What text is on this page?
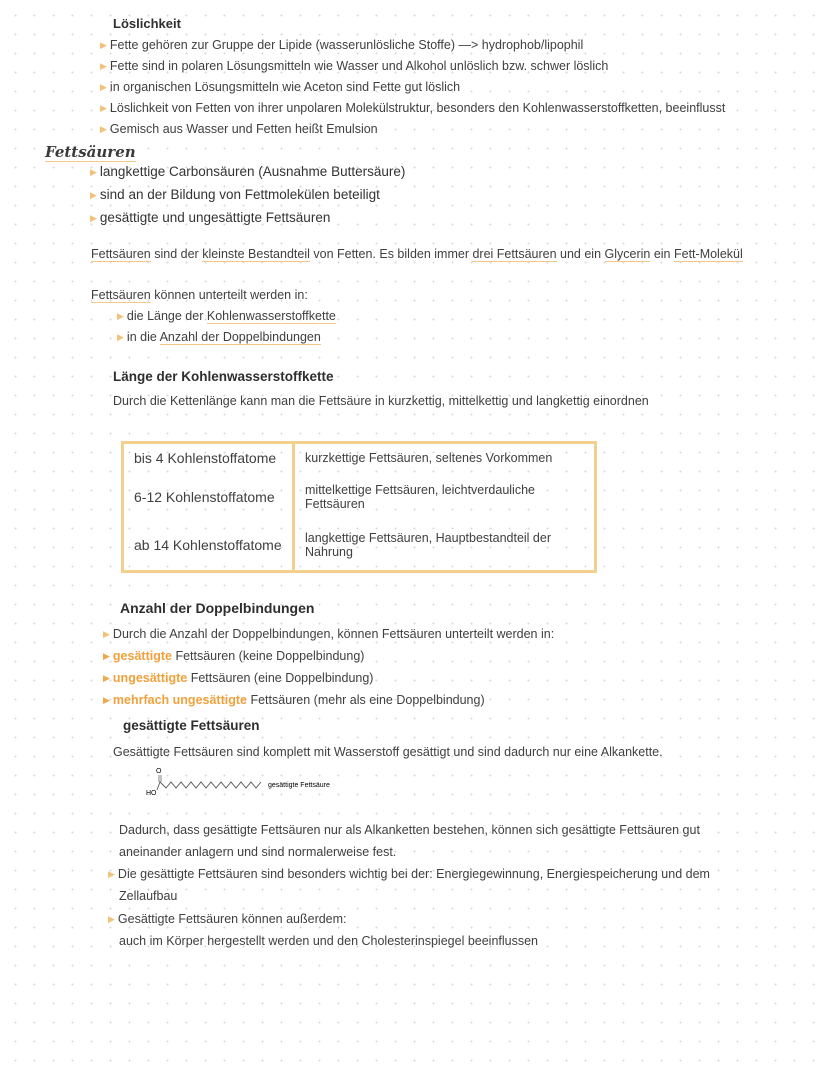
Löslichkeit
▶ Fette gehören zur Gruppe der Lipide (wasserunlösliche Stoffe) —> hydrophob/lipophil
▶ Fette sind in polaren Lösungsmitteln wie Wasser und Alkohol unlöslich bzw. schwer löslich
▶ in organischen Lösungsmitteln wie Aceton sind Fette gut löslich
▶ Löslichkeit von Fetten von ihrer unpolaren Molekülstruktur, besonders den Kohlenwasserstoffketten, beeinflusst
▶ Gemisch aus Wasser und Fetten heißt Emulsion
Fettsäuren
▶ langkettige Carbonsäuren (Ausnahme Buttersäure)
▶ sind an der Bildung von Fettmolekülen beteiligt
▶ gesättigte und ungesättigte Fettsäuren
Fettsäuren sind der kleinste Bestandteil von Fetten. Es bilden immer drei Fettsäuren und ein Glycerin ein Fett-Molekül
Fettsäuren können unterteilt werden in:
▶ die Länge der Kohlenwasserstoffkette
▶ in die Anzahl der Doppelbindungen
Länge der Kohlenwasserstoffkette
Durch die Kettenlänge kann man die Fettsäure in kurzkettig, mittelkettig und langkettig einordnen
bis 4 Kohlenstoffatome	kurzkettige Fettsäuren, seltenes Vorkommen
6-12 Kohlenstoffatome	mittelkettige Fettsäuren, leichtverdauliche Fettsäuren
ab 14 Kohlenstoffatome	langkettige Fettsäuren, Hauptbestandteil der Nahrung
Anzahl der Doppelbindungen
▶ Durch die Anzahl der Doppelbindungen, können Fettsäuren unterteilt werden in:
▶ gesättigte Fettsäuren (keine Doppelbindung)
▶ ungesättigte Fettsäuren (eine Doppelbindung)
▶ mehrfach ungesättigte Fettsäuren (mehr als eine Doppelbindung)
gesättigte Fettsäuren
Gesättigte Fettsäuren sind komplett mit Wasserstoff gesättigt und sind dadurch nur eine Alkankette.
O
HO
gesättigte Fettsäure
Dadurch, dass gesättigte Fettsäuren nur als Alkanketten bestehen, können sich gesättigte Fettsäuren gut
aneinander anlagern und sind normalerweise fest.
▶ Die gesättigte Fettsäuren sind besonders wichtig bei der: Energiegewinnung, Energiespeicherung und dem
Zellaufbau
▶ Gesättigte Fettsäuren können außerdem:
auch im Körper hergestellt werden und den Cholesterinspiegel beeinflussen
